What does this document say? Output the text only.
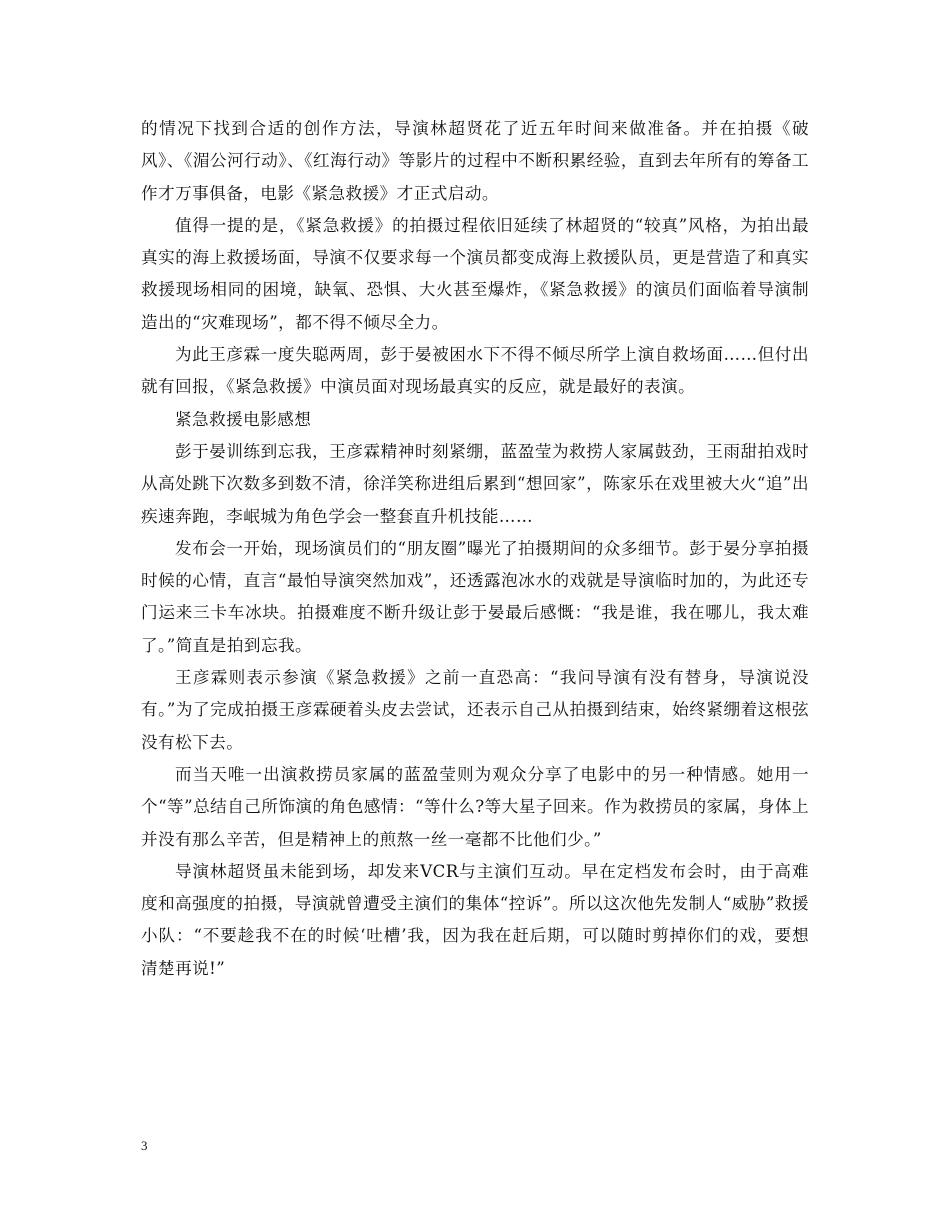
的情况下找到合适的创作方法，导演林超贤花了近五年时间来做准备。并在拍摄《破风》、《湄公河行动》、《红海行动》等影片的过程中不断积累经验，直到去年所有的筹备工作才万事俱备，电影《紧急救援》才正式启动。

值得一提的是，《紧急救援》的拍摄过程依旧延续了林超贤的“较真”风格，为拍出最真实的海上救援场面，导演不仅要求每一个演员都变成海上救援队员，更是营造了和真实救援现场相同的困境，缺氧、恐惧、大火甚至爆炸，《紧急救援》的演员们面临着导演制造出的“灾难现场”，都不得不倾尽全力。

为此王彦霖一度失聪两周，彭于晏被困水下不得不倾尽所学上演自救场面……但付出就有回报，《紧急救援》中演员面对现场最真实的反应，就是最好的表演。

紧急救援电影感想

彭于晏训练到忘我，王彦霖精神时刻紧绷，蓝盈莹为救捞人家属鼓劲，王雨甜拍戏时从高处跳下次数多到数不清，徐洋笑称进组后累到“想回家”，陈家乐在戏里被大火“追”出疾速奔跑，李岷城为角色学会一整套直升机技能……

发布会一开始，现场演员们的“朋友圈”曝光了拍摄期间的众多细节。彭于晏分享拍摄时候的心情，直言“最怕导演突然加戏”，还透露泡冰水的戏就是导演临时加的，为此还专门运来三卡车冰块。拍摄难度不断升级让彭于晏最后感慨：“我是谁，我在哪儿，我太难了。”简直是拍到忘我。

王彦霖则表示参演《紧急救援》之前一直恐高：“我问导演有没有替身，导演说没有。”为了完成拍摄王彦霖硬着头皮去尝试，还表示自己从拍摄到结束，始终紧绷着这根弦没有松下去。

而当天唯一出演救捞员家属的蓝盈莹则为观众分享了电影中的另一种情感。她用一个“等”总结自己所饰演的角色感情：“等什么?等大星子回来。作为救捞员的家属，身体上并没有那么辛苦，但是精神上的煎熬一丝一毫都不比他们少。”

导演林超贤虽未能到场，却发来VCR与主演们互动。早在定档发布会时，由于高难度和高强度的拍摄，导演就曾遭受主演们的集体“控诉”。所以这次他先发制人“威胁”救援小队：“不要趁我不在的时候‘吐槽’我，因为我在赶后期，可以随时剪掉你们的戏，要想清楚再说!”

3
